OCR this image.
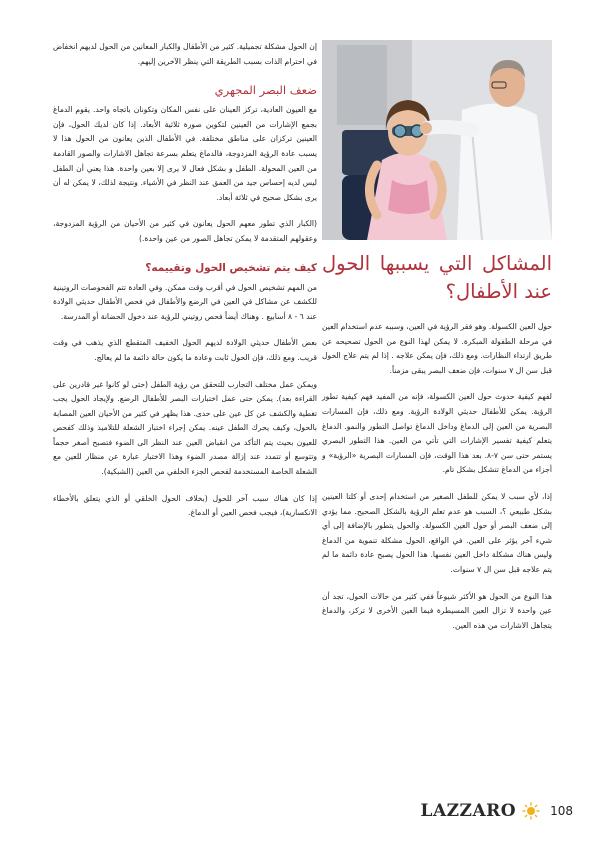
إن الحول مشكلة تجميلية. كثير من الأطفال والكبار المعانين من الحول لديهم انخفاض في احترام الذات بسبب الطريقة التي ينظر الآخرين إليهم.

ضعف البصر المجهري

مع العيون العادية، تركز العينان على نفس المكان وتكونان باتجاه واحد. يقوم الدماغ بجمع الإشارات من العينين لتكوين صورة ثلاثية الأبعاد. إذا كان لديك الحول، فإن العينين تركزان على مناطق مختلفة. في الأطفال الذين يعانون من الحول هذا لا يسبب عادة الرؤية المزدوجة، فالدماغ يتعلم بسرعة تجاهل الاشارات والصور القادمة من العين المحولة. الطفل و بشكل فعال لا يرى إلا بعين واحدة. هذا يعني أن الطفل ليس لديه إحساس جيد من العمق عند النظر في الأشياء. ونتيجة لذلك، لا يمكن له أن يرى بشكل صحيح في ثلاثة أبعاد.

(الكبار الذي تطور معهم الحول يعانون في كثير من الأحيان من الرؤية المزدوجة، وعقولهم المتقدمة لا يمكن تجاهل الصور من عين واحدة.)

كيف يتم تشخيص الحول وتقييمه؟

من المهم تشخيص الحول في أقرب وقت ممكن. وفي العادة تتم الفحوصات الروتينية للكشف عن مشاكل في العين في الرضع والأطفال في فحص الأطفال حديثي الولادة عند ٦ - ٨ أسابيع . وهناك أيضاً فحص روتيني للرؤية عند دخول الحضانة أو المدرسة.

بعض الأطفال حديثي الولادة لديهم الحول الخفيف المتقطع الذي يذهب في وقت قريب. ومع ذلك، فإن الحول ثابت وعادة ما يكون حالة دائمة ما لم يعالج.

ويمكن عمل مختلف التجارب للتحقق من رؤية الطفل (حتى لو كانوا غير قادرين على القراءة بعد). يمكن حتى عمل اختبارات البصر للأطفال الرضع. ولإيجاد الحول يجب تغطية والكشف عن كل عين على حدى. هذا يظهر في كثير من الأحيان العين المصابة بالحول، وكيف يحرك الطفل عينه. يمكن إجراء اختبار الشعلة للتلاميذ وذلك كفحص للعيون بحيث يتم التأكد من انقباض العين عند النظر الى الضوء فتصبح أصغر حجماً وتتوسع أو تتمدد عند إزالة مصدر الضوء وهذا الاختبار عبارة عن منظار للعين مع الشعلة الخاصة المستخدمة لفحص الجزء الخلفي من العين (الشبكية).

إذا كان هناك سبب آخر للحول (بخلاف الحول الخلقي أو الذي يتعلق بالأخطاء الانكسارية)، فيجب فحص العين أو الدماغ.

المشاكل التي يسببها الحول عند الأطفال؟

حول العين الكسولة. وهو فقر الرؤية في العين، وسببه عدم استخدام العين في مرحلة الطفولة المبكرة. لا يمكن لهذا النوع من الحول تصحيحه عن طريق ارتداء النظارات. ومع ذلك، فإن يمكن علاجه . إذا لم يتم علاج الحول قبل سن ال ٧ سنوات، فإن ضعف البصر يبقى مزمناً.

لفهم كيفية حدوث حول العين الكسولة، فإنه من المفيد فهم كيفية تطور الرؤية. يمكن للأطفال حديثي الولادة الرؤية. ومع ذلك، فإن المسارات البصرية من العين إلى الدماغ وداخل الدماغ تواصل التطور والنمو. الدماغ يتعلم كيفية تفسير الإشارات التي تأتي من العين. هذا التطور البصري يستمر حتى سن ٧-٨. بعد هذا الوقت، فإن المسارات البصرية «الرؤية» و أجزاء من الدماغ تتشكل بشكل تام.

إذا، لأي سبب لا يمكن للطفل الصغير من استخدام إحدى أو كلتا العينين بشكل طبيعي ؟، السبب هو عدم تعلم الرؤية بالشكل الصحيح. مما يؤدي إلى ضعف البصر أو حول العين الكسولة. والحول يتطور بالإضافة إلى أي شيء آخر يؤثر على العين. في الواقع، الحول مشكلة تنموية من الدماغ وليس هناك مشكلة داخل العين نفسها. هذا الحول يصبح عادة دائمة ما لم يتم علاجه قبل سن ال ٧ سنوات.

هذا النوع من الحول هو الأكثر شيوعاً ففي كثير من حالات الحول، تجد أن عين واحدة لا تزال العين المسيطرة فيما العين الأخرى لا تركز، والدماغ يتجاهل الاشارات من هذه العين.

LAZZARO	108
